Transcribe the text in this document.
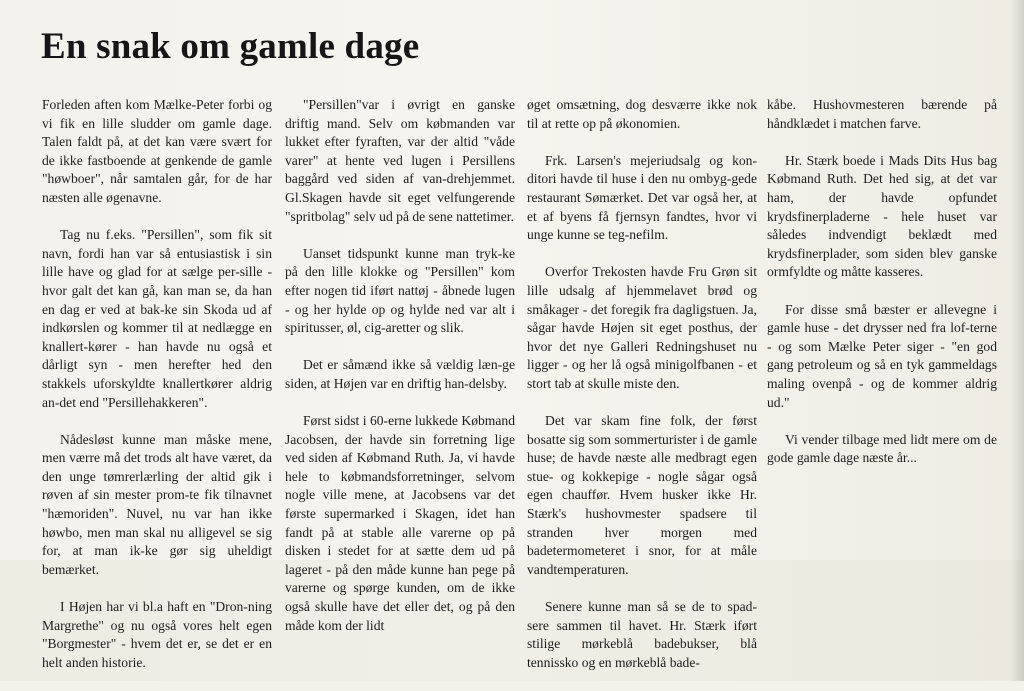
En snak om gamle dage

Forleden aften kom Mælke-Peter forbi og vi fik en lille sludder om gamle dage. Talen faldt på, at det kan være svært for de ikke fastboende at genkende de gamle "høwboer", når samtalen går, for de har næsten alle øgenavne.

Tag nu f.eks. "Persillen", som fik sit navn, fordi han var så entusiastisk i sin lille have og glad for at sælge per-sille - hvor galt det kan gå, kan man se, da han en dag er ved at bak-ke sin Skoda ud af indkørslen og kommer til at nedlægge en knallert-kører - han havde nu også et dårligt syn - men herefter hed den stakkels uforskyldte knallertkører aldrig an-det end "Persillehakkeren".

Nådesløst kunne man måske mene, men værre må det trods alt have været, da den unge tømrerlærling der altid gik i røven af sin mester prom-te fik tilnavnet "hæmoriden". Nuvel, nu var han ikke høwbo, men man skal nu alligevel se sig for, at man ik-ke gør sig uheldigt bemærket.

I Højen har vi bl.a haft en "Dron-ning Margrethe" og nu også vores helt egen "Borgmester" - hvem det er, se det er en helt anden historie.

"Persillen"var i øvrigt en ganske driftig mand. Selv om købmanden var lukket efter fyraften, var der altid "våde varer" at hente ved lugen i Persillens baggård ved siden af van-drehjemmet. Gl.Skagen havde sit eget velfungerende "spritbolag" selv ud på de sene nattetimer.

Uanset tidspunkt kunne man tryk-ke på den lille klokke og "Persillen" kom efter nogen tid iført nattøj - åbnede lugen - og her hylde op og hylde ned var alt i spiritusser, øl, cig-aretter og slik.

Det er såmænd ikke så vældig læn-ge siden, at Højen var en driftig han-delsby.

Først sidst i 60-erne lukkede Købmand Jacobsen, der havde sin forretning lige ved siden af Købmand Ruth. Ja, vi havde hele to købmandsforretninger, selvom nogle ville mene, at Jacobsens var det første supermarked i Skagen, idet han fandt på at stable alle varerne op på disken i stedet for at sætte dem ud på lageret - på den måde kunne han pege på varerne og spørge kunden, om de ikke også skulle have det eller det, og på den måde kom der lidt

øget omsætning, dog desværre ikke nok til at rette op på økonomien.

Frk. Larsen's mejeriudsalg og kon-ditori havde til huse i den nu ombyg-gede restaurant Sømærket. Det var også her, at et af byens få fjernsyn fandtes, hvor vi unge kunne se teg-nefilm.

Overfor Trekosten havde Fru Grøn sit lille udsalg af hjemmelavet brød og småkager - det foregik fra dagligstuen. Ja, sågar havde Højen sit eget posthus, der hvor det nye Galleri Redningshuset nu ligger - og her lå også minigolfbanen - et stort tab at skulle miste den.

Det var skam fine folk, der først bosatte sig som sommerturister i de gamle huse; de havde næste alle medbragt egen stue- og kokkepige - nogle sågar også egen chauffør. Hvem husker ikke Hr. Stærk's hushovmester spadsere til stranden hver morgen med badetermometeret i snor, for at måle vandtemperaturen.

Senere kunne man så se de to spad-sere sammen til havet. Hr. Stærk iført stilige mørkeblå badebukser, blå tennissko og en mørkeblå bade-

kåbe. Hushovmesteren bærende på håndklædet i matchen farve.

Hr. Stærk boede i Mads Dits Hus bag Købmand Ruth. Det hed sig, at det var ham, der havde opfundet krydsfinerpladerne - hele huset var således indvendigt beklædt med krydsfinerplader, som siden blev ganske ormfyldte og måtte kasseres.

For disse små bæster er allevegne i gamle huse - det drysser ned fra lof-terne - og som Mælke Peter siger - "en god gang petroleum og så en tyk gammeldags maling ovenpå - og de kommer aldrig ud."

Vi vender tilbage med lidt mere om de gode gamle dage næste år...
